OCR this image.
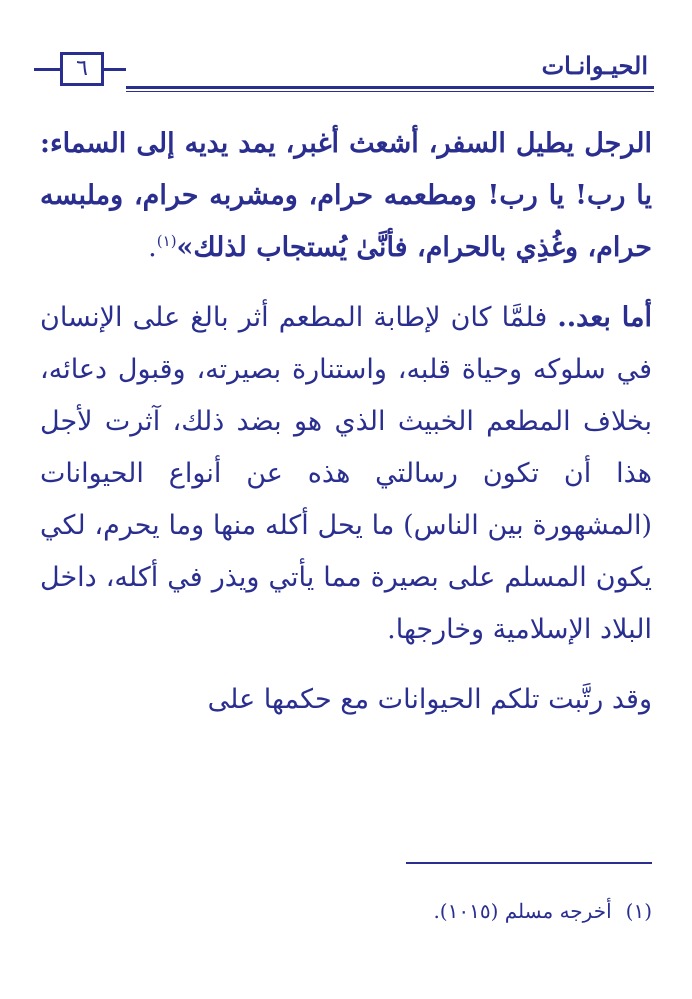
الحيـوانـات
٦

الرجل يطيل السفر، أشعث أغبر، يمد يديه إلى السماء: يا رب! يا رب! ومطعمه حرام، ومشربه حرام، وملبسه حرام، وغُذِي بالحرام، فأنَّىٰ يُستجاب لذلك»$^{(١)}$.

أما بعد.. فلمَّا كان لإطابة المطعم أثر بالغ على الإنسان في سلوكه وحياة قلبه، واستنارة بصيرته، وقبول دعائه، بخلاف المطعم الخبيث الذي هو بضد ذلك، آثرت لأجل هذا أن تكون رسالتي هذه عن أنواع الحيوانات (المشهورة بين الناس) ما يحل أكله منها وما يحرم، لكي يكون المسلم على بصيرة مما يأتي ويذر في أكله، داخل البلاد الإسلامية وخارجها.

وقد رتَّبت تلكم الحيوانات مع حكمها على

(١)أخرجه مسلم (١٠١٥).
